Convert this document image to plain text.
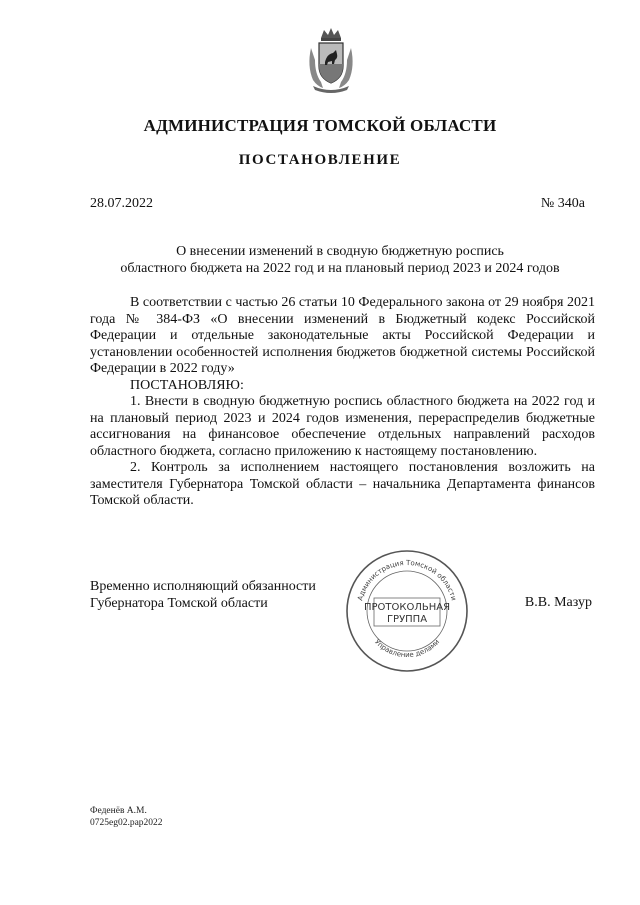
АДМИНИСТРАЦИЯ ТОМСКОЙ ОБЛАСТИ
ПОСТАНОВЛЕНИЕ
28.07.2022	№ 340а
О внесении изменений в сводную бюджетную роспись
областного бюджета на 2022 год и на плановый период 2023 и 2024 годов

В соответствии с частью 26 статьи 10 Федерального закона от 29 ноября 2021 года № 384-ФЗ «О внесении изменений в Бюджетный кодекс Российской Федерации и отдельные законодательные акты Российской Федерации и установлении особенностей исполнения бюджетов бюджетной системы Российской Федерации в 2022 году»

ПОСТАНОВЛЯЮ:

1. Внести в сводную бюджетную роспись областного бюджета на 2022 год и на плановый период 2023 и 2024 годов изменения, перераспределив бюджетные ассигнования на финансовое обеспечение отдельных направлений расходов областного бюджета, согласно приложению к настоящему постановлению.

2. Контроль за исполнением настоящего постановления возложить на заместителя Губернатора Томской области – начальника Департамента финансов Томской области.

Временно исполняющий обязанности
Губернатора Томской области	Администрация Томской области
Управление делами
ПРОТОКОЛЬНАЯ
ГРУППА
В.В. Мазур
Феденёв А.М.
0725eg02.pap2022
